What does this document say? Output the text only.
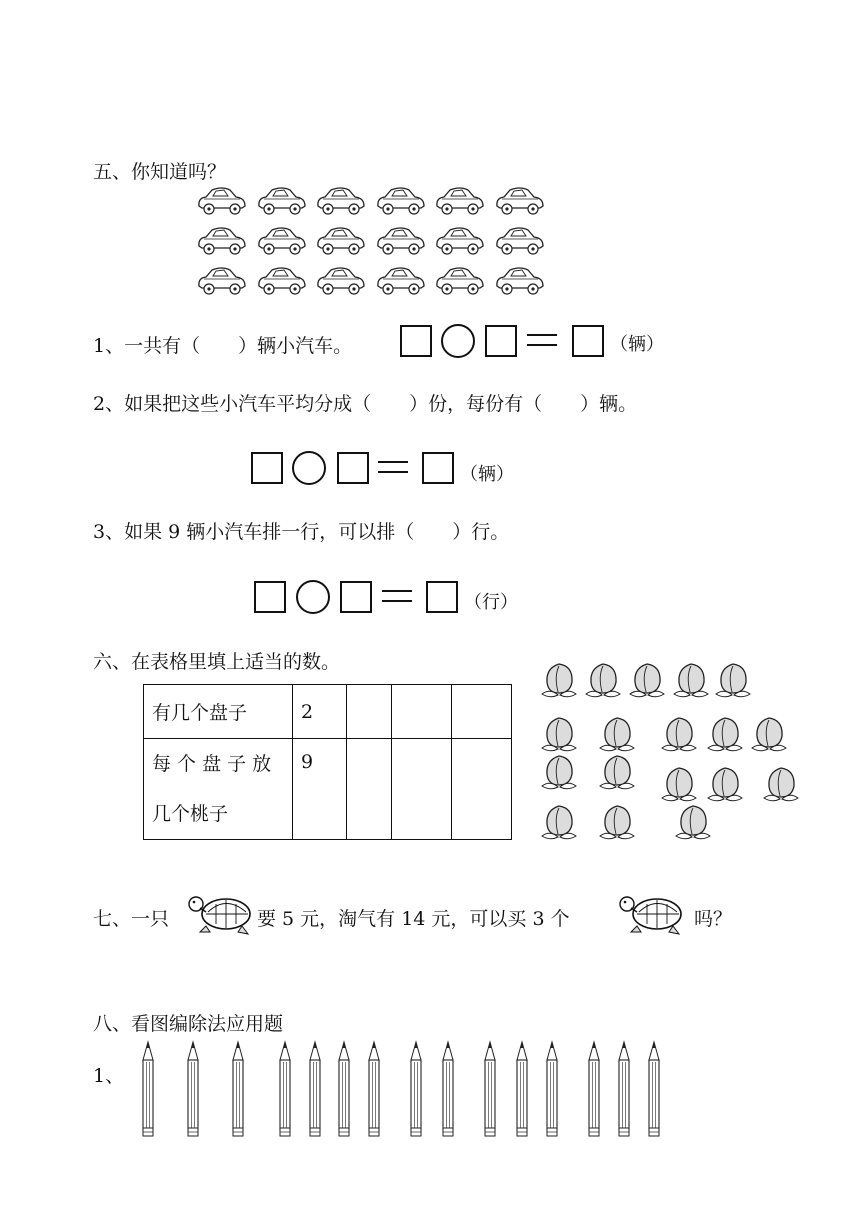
五、你知道吗？
1、一共有（　　）辆小汽车。	（辆）
2、如果把这些小汽车平均分成（　　）份，每份有（　　）辆。
（辆）
3、如果 9 辆小汽车排一行，可以排（　　）行。
（行）
六、在表格里填上适当的数。
有几个盘子	2			

每 个 盘 子 放
几个桃子	9			
七、一只	要 5 元，淘气有 14 元，可以买 3 个	吗？
八、看图编除法应用题
1、
